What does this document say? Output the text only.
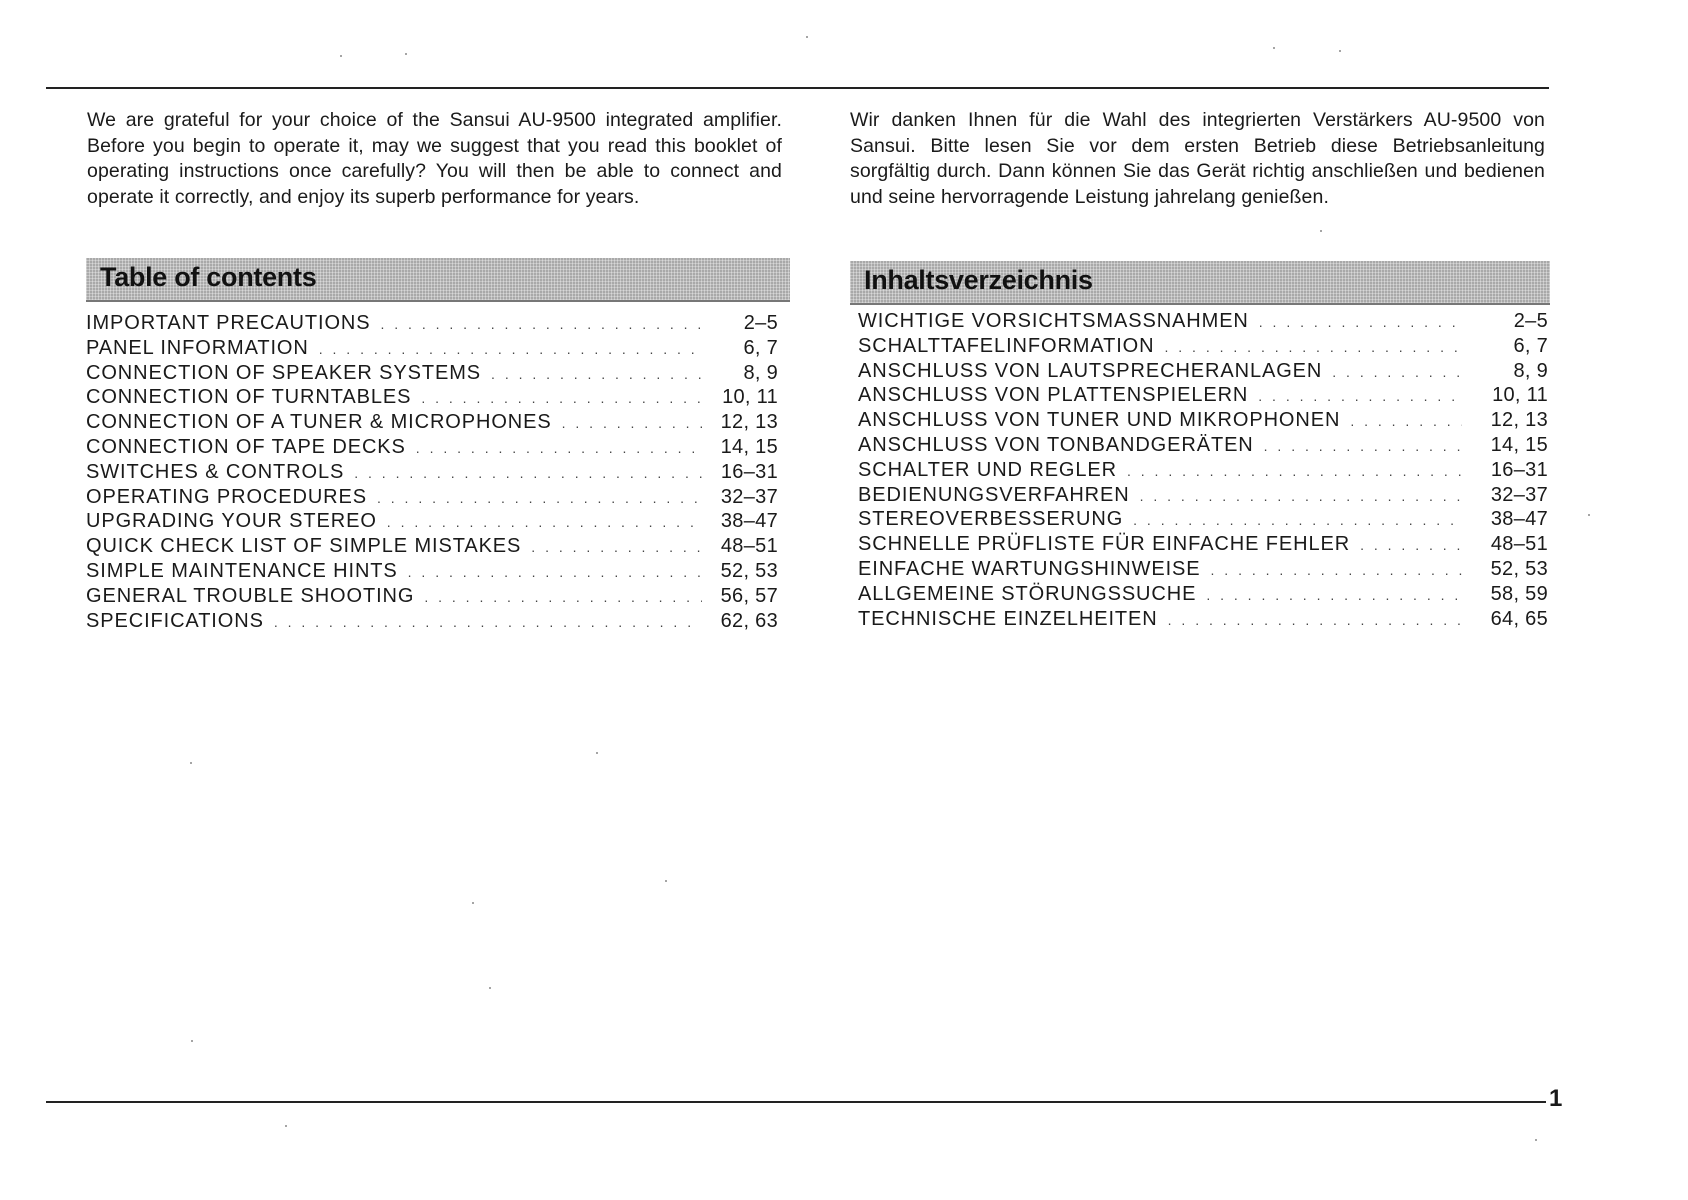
We are grateful for your choice of the Sansui AU-9500 integrated amplifier. Before you begin to operate it, may we suggest that you read this booklet of operating instructions once carefully? You will then be able to connect and operate it correctly, and enjoy its superb performance for years.

Wir danken Ihnen für die Wahl des integrierten Verstärkers AU-9500 von Sansui. Bitte lesen Sie vor dem ersten Betrieb diese Betriebsanleitung sorgfältig durch. Dann können Sie das Gerät richtig anschließen und bedienen und seine hervorragende Leistung jahrelang genießen.

Table of contents	Inhaltsverzeichnis
IMPORTANT PRECAUTIONS . . .	2–5
PANEL INFORMATION . . .	6, 7
CONNECTION OF SPEAKER SYSTEMS . . .	8, 9
CONNECTION OF TURNTABLES . . .	10, 11
CONNECTION OF A TUNER & MICROPHONES . . .	12, 13
CONNECTION OF TAPE DECKS . . .	14, 15
SWITCHES & CONTROLS . . .	16–31
OPERATING PROCEDURES . . .	32–37
UPGRADING YOUR STEREO . . .	38–47
QUICK CHECK LIST OF SIMPLE MISTAKES . . .	48–51
SIMPLE MAINTENANCE HINTS . . .	52, 53
GENERAL TROUBLE SHOOTING . . .	56, 57
SPECIFICATIONS . . .	62, 63
WICHTIGE VORSICHTSMASSNAHMEN . . .	2–5
SCHALTTAFELINFORMATION . . .	6, 7
ANSCHLUSS VON LAUTSPRECHERANLAGEN . . .	8, 9
ANSCHLUSS VON PLATTENSPIELERN . . .	10, 11
ANSCHLUSS VON TUNER UND MIKROPHONEN . . .	12, 13
ANSCHLUSS VON TONBANDGERÄTEN . . .	14, 15
SCHALTER UND REGLER . . .	16–31
BEDIENUNGSVERFAHREN . . .	32–37
STEREOVERBESSERUNG . . .	38–47
SCHNELLE PRÜFLISTE FÜR EINFACHE FEHLER . . .	48–51
EINFACHE WARTUNGSHINWEISE . . .	52, 53
ALLGEMEINE STÖRUNGSSUCHE . . .	58, 59
TECHNISCHE EINZELHEITEN . . .	64, 65
1
